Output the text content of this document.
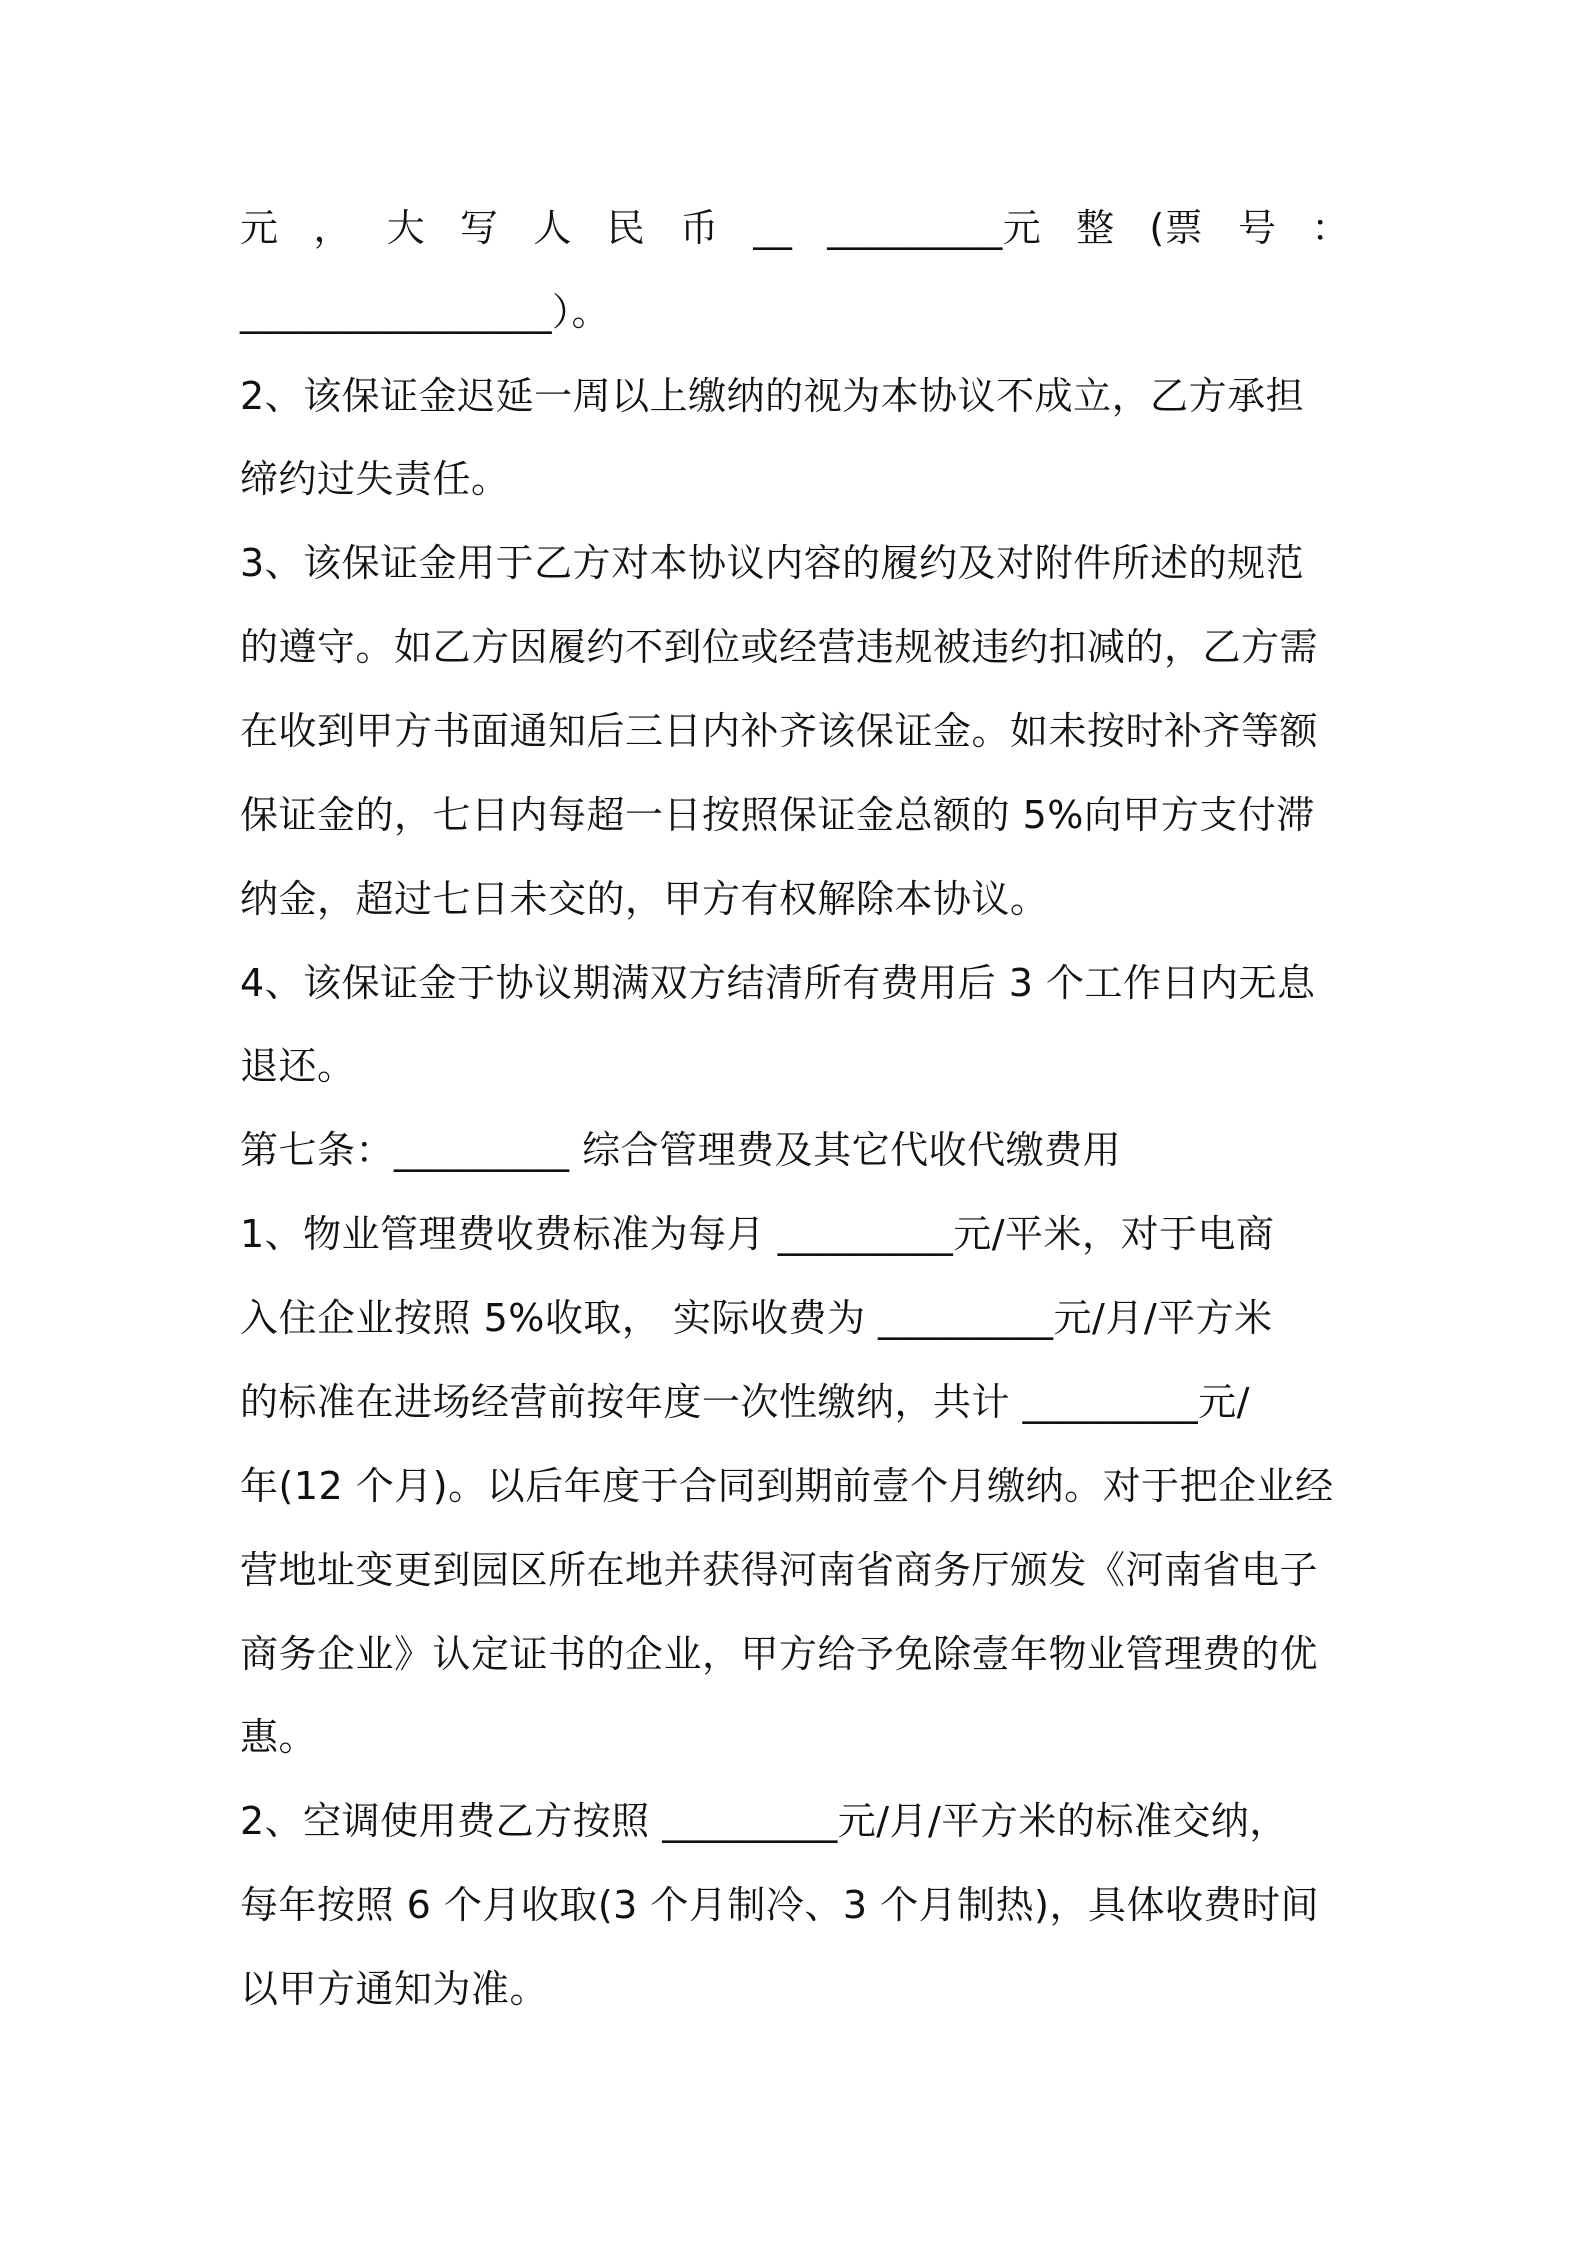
元 ， 大 写 人 民 币 __ _________元 整 (票 号 ：
________________）。
2、该保证金迟延一周以上缴纳的视为本协议不成立，乙方承担
缔约过失责任。
3、该保证金用于乙方对本协议内容的履约及对附件所述的规范
的遵守。如乙方因履约不到位或经营违规被违约扣减的，乙方需
在收到甲方书面通知后三日内补齐该保证金。如未按时补齐等额
保证金的，七日内每超一日按照保证金总额的 5%向甲方支付滞
纳金，超过七日未交的，甲方有权解除本协议。
4、该保证金于协议期满双方结清所有费用后 3 个工作日内无息
退还。
第七条：_________ 综合管理费及其它代收代缴费用
1、物业管理费收费标准为每月 _________元/平米，对于电商
入住企业按照 5%收取， 实际收费为 _________元/月/平方米
的标准在进场经营前按年度一次性缴纳，共计 _________元/
年(12 个月)。以后年度于合同到期前壹个月缴纳。对于把企业经
营地址变更到园区所在地并获得河南省商务厅颁发《河南省电子
商务企业》认定证书的企业，甲方给予免除壹年物业管理费的优
惠。
2、空调使用费乙方按照 _________元/月/平方米的标准交纳，
每年按照 6 个月收取(3 个月制冷、3 个月制热)，具体收费时间
以甲方通知为准。
